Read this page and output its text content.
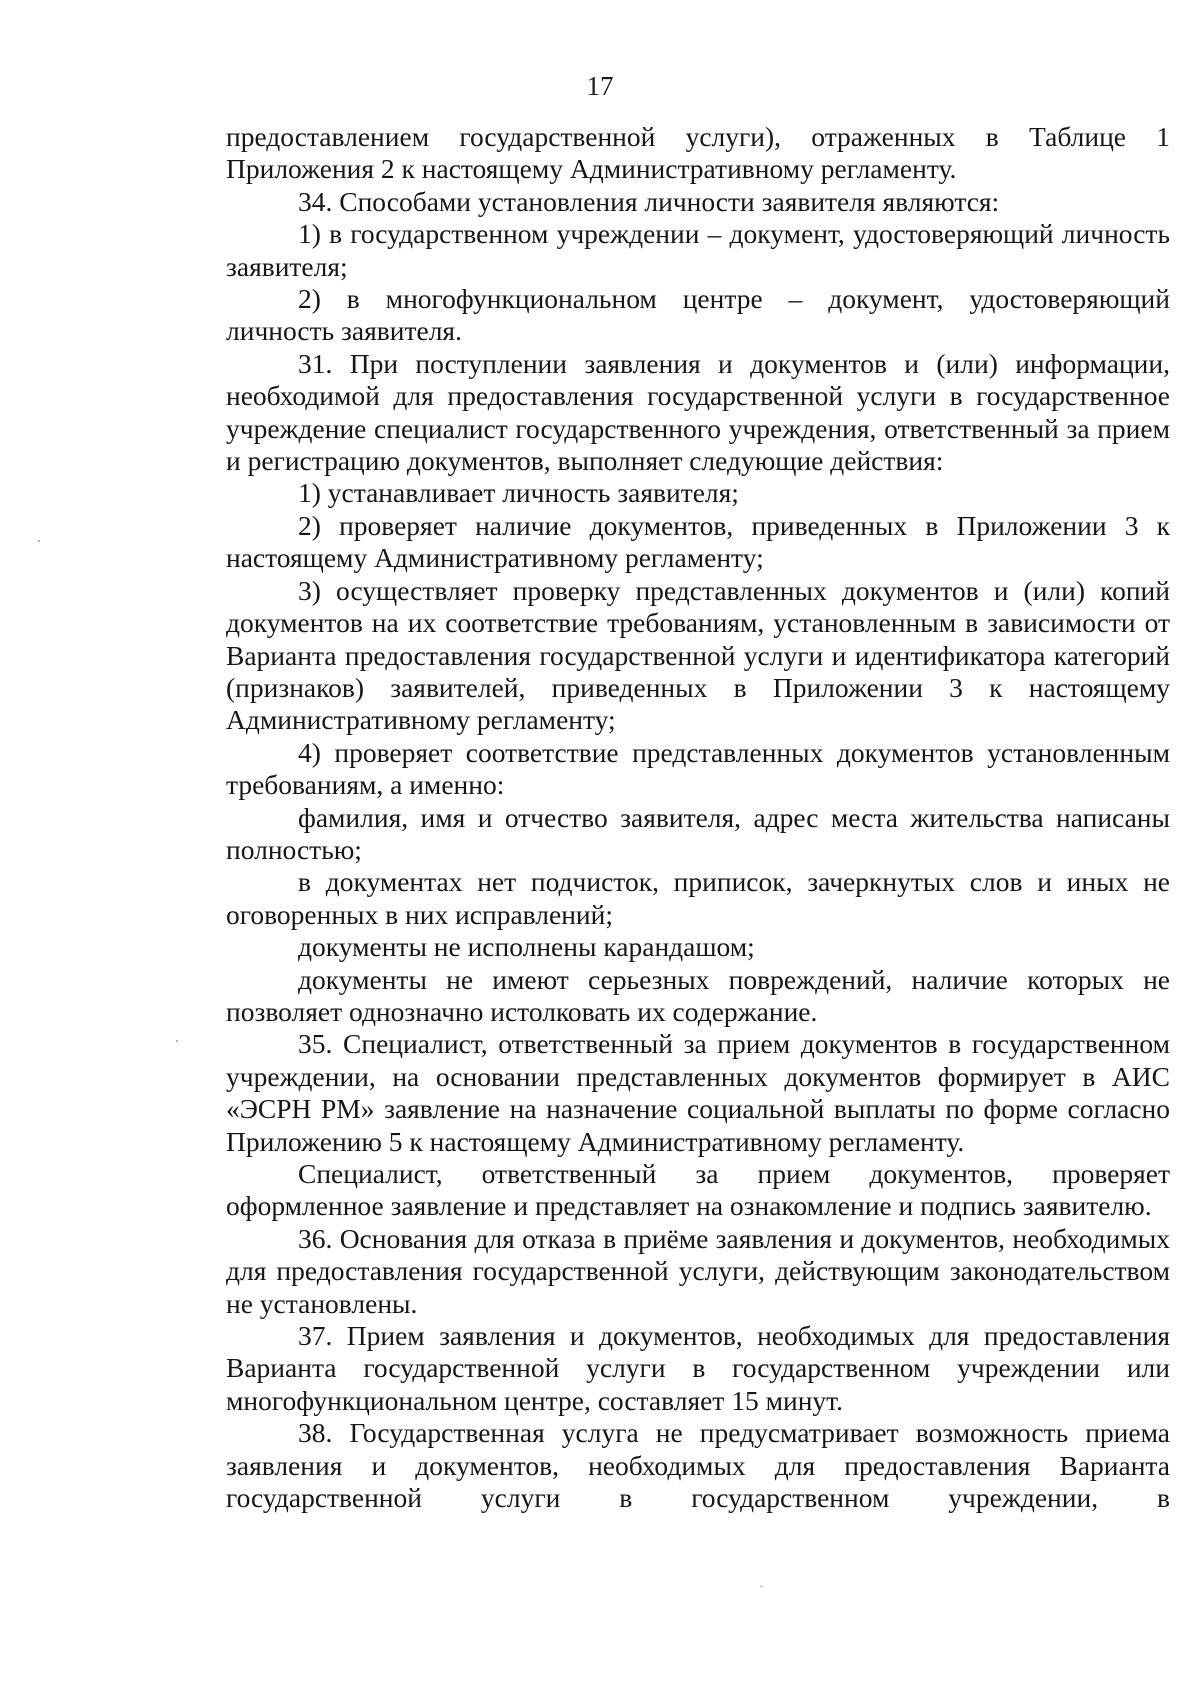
17

предоставлением государственной услуги), отраженных в Таблице 1 Приложения 2 к настоящему Административному регламенту.

34. Способами установления личности заявителя являются:

1) в государственном учреждении – документ, удостоверяющий личность заявителя;

2) в многофункциональном центре – документ, удостоверяющий личность заявителя.

31. При поступлении заявления и документов и (или) информации, необходимой для предоставления государственной услуги в государственное учреждение специалист государственного учреждения, ответственный за прием и регистрацию документов, выполняет следующие действия:

1) устанавливает личность заявителя;

2) проверяет наличие документов, приведенных в Приложении 3 к настоящему Административному регламенту;

3) осуществляет проверку представленных документов и (или) копий документов на их соответствие требованиям, установленным в зависимости от Варианта предоставления государственной услуги и идентификатора категорий (признаков) заявителей, приведенных в Приложении 3 к настоящему Административному регламенту;

4) проверяет соответствие представленных документов установленным требованиям, а именно:

фамилия, имя и отчество заявителя, адрес места жительства написаны полностью;

в документах нет подчисток, приписок, зачеркнутых слов и иных не оговоренных в них исправлений;

документы не исполнены карандашом;

документы не имеют серьезных повреждений, наличие которых не позволяет однозначно истолковать их содержание.

35. Специалист, ответственный за прием документов в государственном учреждении, на основании представленных документов формирует в АИС «ЭСРН РМ» заявление на назначение социальной выплаты по форме согласно Приложению 5 к настоящему Административному регламенту.

Специалист, ответственный за прием документов, проверяет оформленное заявление и представляет на ознакомление и подпись заявителю.

36. Основания для отказа в приёме заявления и документов, необходимых для предоставления государственной услуги, действующим законодательством не установлены.

37. Прием заявления и документов, необходимых для предоставления Варианта государственной услуги в государственном учреждении или многофункциональном центре, составляет 15 минут.

38. Государственная услуга не предусматривает возможность приема заявления и документов, необходимых для предоставления Варианта государственной услуги в государственном учреждении, в
